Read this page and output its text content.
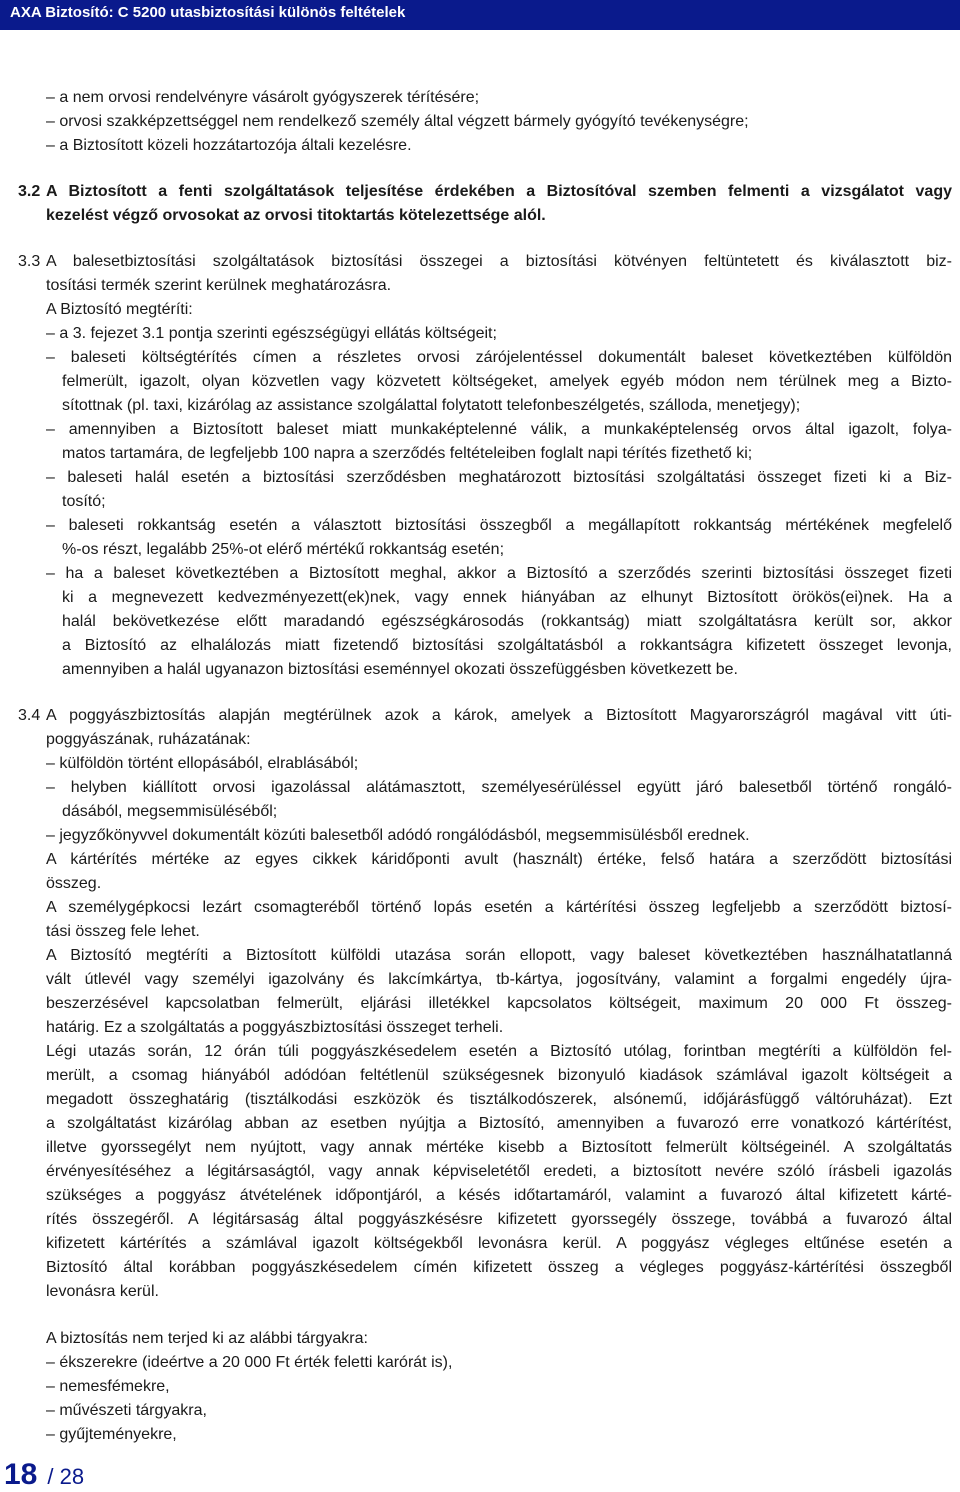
AXA Biztosító: C 5200 utasbiztosítási különös feltételek
– a nem orvosi rendelvényre vásárolt gyógyszerek térítésére;
– orvosi szakképzettséggel nem rendelkező személy által végzett bármely gyógyító tevékenységre;
– a Biztosított közeli hozzátartozója általi kezelésre.
3.2 A Biztosított a fenti szolgáltatások teljesítése érdekében a Biztosítóval szemben felmenti a vizsgálatot vagy
kezelést végző orvosokat az orvosi titoktartás kötelezettsége alól.
3.3 A balesetbiztosítási szolgáltatások biztosítási összegei a biztosítási kötvényen feltüntetett és kiválasztott biz-
tosítási termék szerint kerülnek meghatározásra.
A Biztosító megtéríti:
– a 3. fejezet 3.1 pontja szerinti egészségügyi ellátás költségeit;
– baleseti költségtérítés címen a részletes orvosi zárójelentéssel dokumentált baleset következtében külföldön
felmerült, igazolt, olyan közvetlen vagy közvetett költségeket, amelyek egyéb módon nem térülnek meg a Bizto-
sítottnak (pl. taxi, kizárólag az assistance szolgálattal folytatott telefonbeszélgetés, szálloda, menetjegy);
– amennyiben a Biztosított baleset miatt munkaképtelenné válik, a munkaképtelenség orvos által igazolt, folya-
matos tartamára, de legfeljebb 100 napra a szerződés feltételeiben foglalt napi térítés fizethető ki;
– baleseti halál esetén a biztosítási szerződésben meghatározott biztosítási szolgáltatási összeget fizeti ki a Biz-
tosító;
– baleseti rokkantság esetén a választott biztosítási összegből a megállapított rokkantság mértékének megfelelő
%-os részt, legalább 25%-ot elérő mértékű rokkantság esetén;
– ha a baleset következtében a Biztosított meghal, akkor a Biztosító a szerződés szerinti biztosítási összeget fizeti
ki a megnevezett kedvezményezett(ek)nek, vagy ennek hiányában az elhunyt Biztosított örökös(ei)nek. Ha a
halál bekövetkezése előtt maradandó egészségkárosodás (rokkantság) miatt szolgáltatásra került sor, akkor
a Biztosító az elhalálozás miatt fizetendő biztosítási szolgáltatásból a rokkantságra kifizetett összeget levonja,
amennyiben a halál ugyanazon biztosítási eseménnyel okozati összefüggésben következett be.
3.4 A poggyászbiztosítás alapján megtérülnek azok a károk, amelyek a Biztosított Magyarországról magával vitt úti-
poggyászának, ruházatának:
– külföldön történt ellopásából, elrablásából;
– helyben kiállított orvosi igazolással alátámasztott, személyesérüléssel együtt járó balesetből történő rongáló-
dásából, megsemmisüléséből;
– jegyzőkönyvvel dokumentált közúti balesetből adódó rongálódásból, megsemmisülésből erednek.
A kártérítés mértéke az egyes cikkek káridőponti avult (használt) értéke, felső határa a szerződött biztosítási
összeg.
A személygépkocsi lezárt csomagteréből történő lopás esetén a kártérítési összeg legfeljebb a szerződött biztosí-
tási összeg fele lehet.
A Biztosító megtéríti a Biztosított külföldi utazása során ellopott, vagy baleset következtében használhatatlanná
vált útlevél vagy személyi igazolvány és lakcímkártya, tb-kártya, jogosítvány, valamint a forgalmi engedély újra-
beszerzésével kapcsolatban felmerült, eljárási illetékkel kapcsolatos költségeit, maximum 20 000 Ft összeg-
határig. Ez a szolgáltatás a poggyászbiztosítási összeget terheli.
Légi utazás során, 12 órán túli poggyászkésedelem esetén a Biztosító utólag, forintban megtéríti a külföldön fel-
merült, a csomag hiányából adódóan feltétlenül szükségesnek bizonyuló kiadások számlával igazolt költségeit a
megadott összeghatárig (tisztálkodási eszközök és tisztálkodószerek, alsónemű, időjárásfüggő váltóruházat). Ezt
a szolgáltatást kizárólag abban az esetben nyújtja a Biztosító, amennyiben a fuvarozó erre vonatkozó kártérítést,
illetve gyorssegélyt nem nyújtott, vagy annak mértéke kisebb a Biztosított felmerült költségeinél. A szolgáltatás
érvényesítéséhez a légitársaságtól, vagy annak képviseletétől eredeti, a biztosított nevére szóló írásbeli igazolás
szükséges a poggyász átvételének időpontjáról, a késés időtartamáról, valamint a fuvarozó által kifizetett kárté-
rítés összegéről. A légitársaság által poggyászkésésre kifizetett gyorssegély összege, továbbá a fuvarozó által
kifizetett kártérítés a számlával igazolt költségekből levonásra kerül. A poggyász végleges eltűnése esetén a
Biztosító által korábban poggyászkésedelem címén kifizetett összeg a végleges poggyász-kártérítési összegből
levonásra kerül.
A biztosítás nem terjed ki az alábbi tárgyakra:
– ékszerekre (ideértve a 20 000 Ft érték feletti karórát is),
– nemesfémekre,
– művészeti tárgyakra,
– gyűjteményekre,
18 / 28
